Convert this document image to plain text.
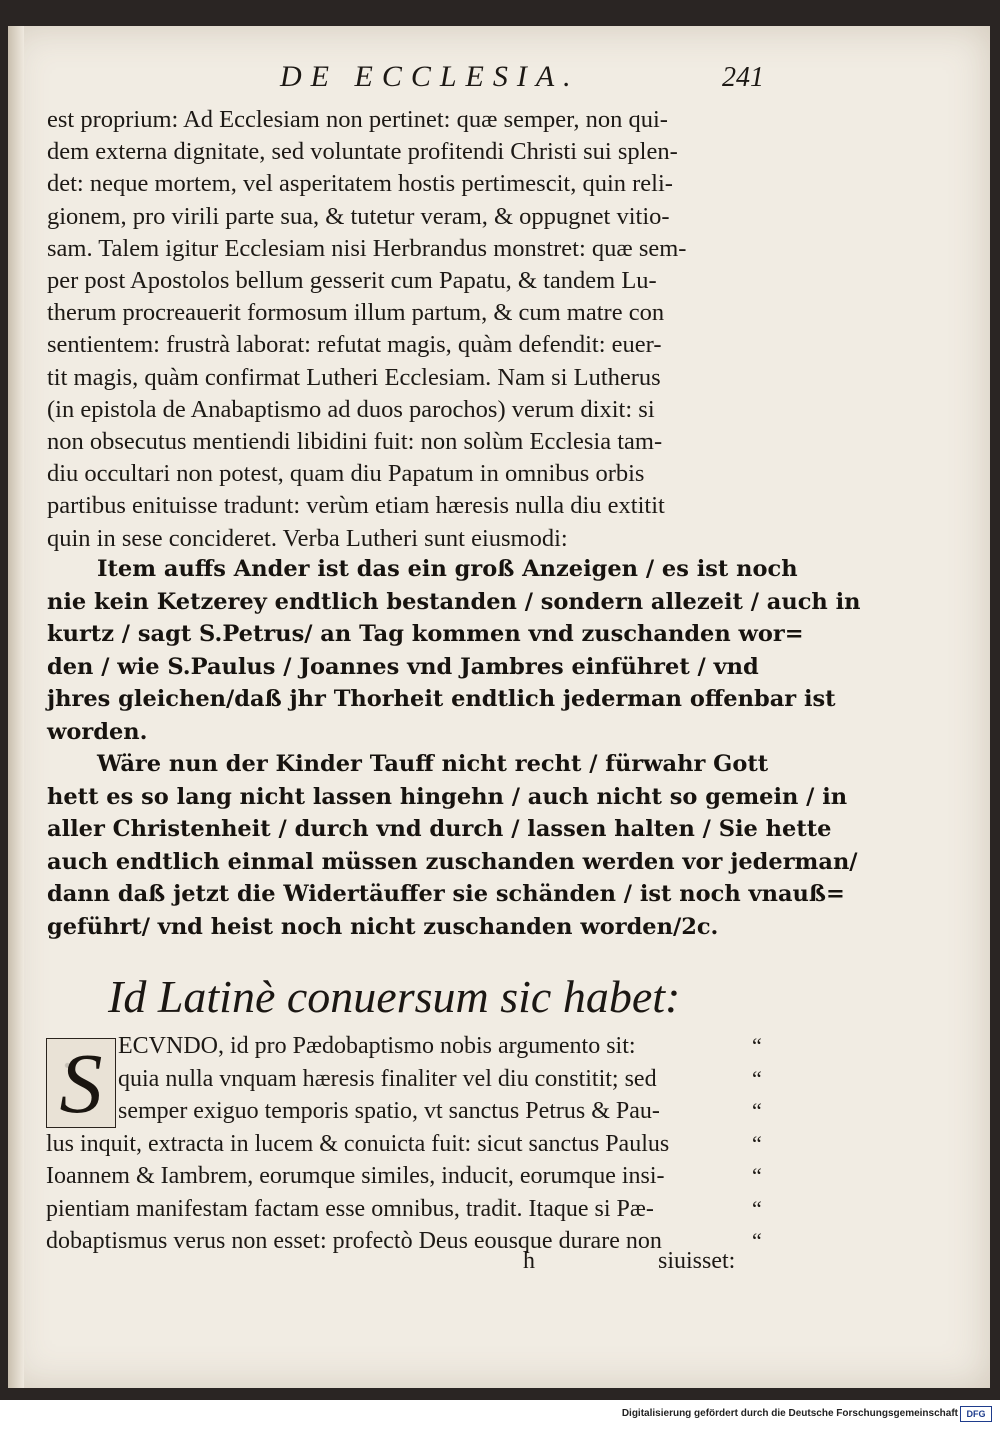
DE ECCLESIA.	241
est proprium: Ad Ecclesiam non pertinet: quæ semper, non qui-
dem externa dignitate, sed voluntate profitendi Christi sui splen-
det: neque mortem, vel asperitatem hostis pertimescit, quin reli-
gionem, pro virili parte sua, & tutetur veram, & oppugnet vitio-
sam. Talem igitur Ecclesiam nisi Herbrandus monstret: quæ sem-
per post Apostolos bellum gesserit cum Papatu, & tandem Lu-
therum procreauerit formosum illum partum, & cum matre con
sentientem: frustrà laborat: refutat magis, quàm defendit: euer-
tit magis, quàm confirmat Lutheri Ecclesiam. Nam si Lutherus
(in epistola de Anabaptismo ad duos parochos) verum dixit: si
non obsecutus mentiendi libidini fuit: non solùm Ecclesia tam-
diu occultari non potest, quam diu Papatum in omnibus orbis
partibus enituisse tradunt: verùm etiam hæresis nulla diu extitit
quin in sese concideret. Verba Lutheri sunt eiusmodi:
Item auffs Ander ist das ein groß Anzeigen / es ist noch
nie kein Ketzerey endtlich bestanden / sondern allezeit / auch in
kurtz / sagt S.Petrus/ an Tag kommen vnd zuschanden wor=
den / wie S.Paulus / Joannes vnd Jambres einführet / vnd
jhres gleichen/daß jhr Thorheit endtlich jederman offenbar ist
worden.
Wäre nun der Kinder Tauff nicht recht / fürwahr Gott
hett es so lang nicht lassen hingehn / auch nicht so gemein / in
aller Christenheit / durch vnd durch / lassen halten / Sie hette
auch endtlich einmal müssen zuschanden werden vor jederman/
dann daß jetzt die Widertäuffer sie schänden / ist noch vnauß=
geführt/ vnd heist noch nicht zuschanden worden/2c.
Id Latinè conuersum sic habet:
S ECVNDO, id pro Pædobaptismo nobis argumento sit:
quia nulla vnquam hæresis finaliter vel diu constitit; sed
semper exiguo temporis spatio, vt sanctus Petrus & Pau-
lus inquit, extracta in lucem & conuicta fuit: sicut sanctus Paulus
Ioannem & Iambrem, eorumque similes, inducit, eorumque insi-
pientiam manifestam factam esse omnibus, tradit. Itaque si Pæ-
dobaptismus verus non esset: profectò Deus eousque durare non
“
“
“
“
“
“
“
h	siuisset:
Digitalisierung gefördert durch die Deutsche Forschungsgemeinschaft DFG
